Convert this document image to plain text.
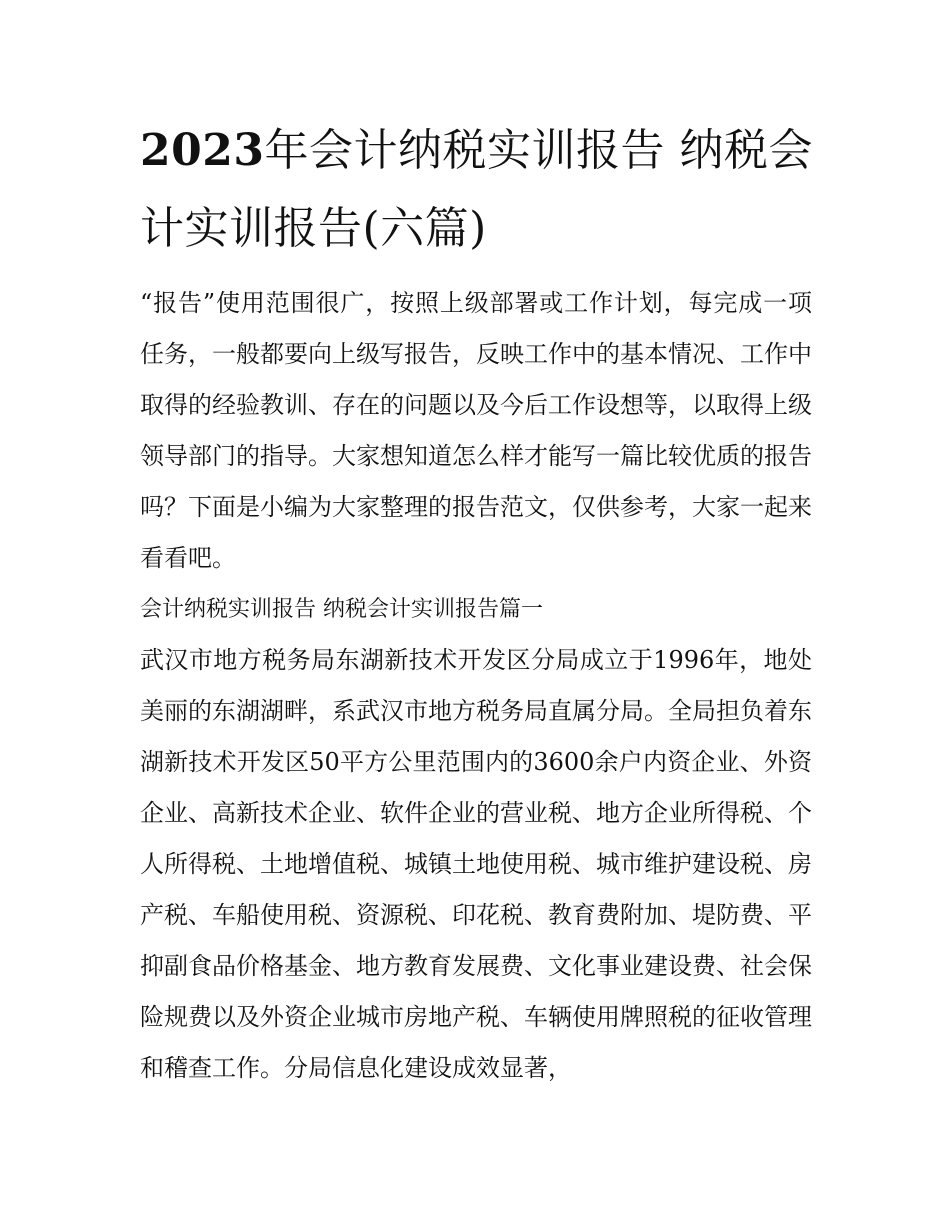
2023年会计纳税实训报告 纳税会计实训报告(六篇)

“报告”使用范围很广，按照上级部署或工作计划，每完成一项任务，一般都要向上级写报告，反映工作中的基本情况、工作中取得的经验教训、存在的问题以及今后工作设想等，以取得上级领导部门的指导。大家想知道怎么样才能写一篇比较优质的报告吗？下面是小编为大家整理的报告范文，仅供参考，大家一起来看看吧。

会计纳税实训报告 纳税会计实训报告篇一

武汉市地方税务局东湖新技术开发区分局成立于1996年，地处美丽的东湖湖畔，系武汉市地方税务局直属分局。全局担负着东湖新技术开发区50平方公里范围内的3600余户内资企业、外资企业、高新技术企业、软件企业的营业税、地方企业所得税、个人所得税、土地增值税、城镇土地使用税、城市维护建设税、房产税、车船使用税、资源税、印花税、教育费附加、堤防费、平抑副食品价格基金、地方教育发展费、文化事业建设费、社会保险规费以及外资企业城市房地产税、车辆使用牌照税的征收管理和稽查工作。分局信息化建设成效显著，
